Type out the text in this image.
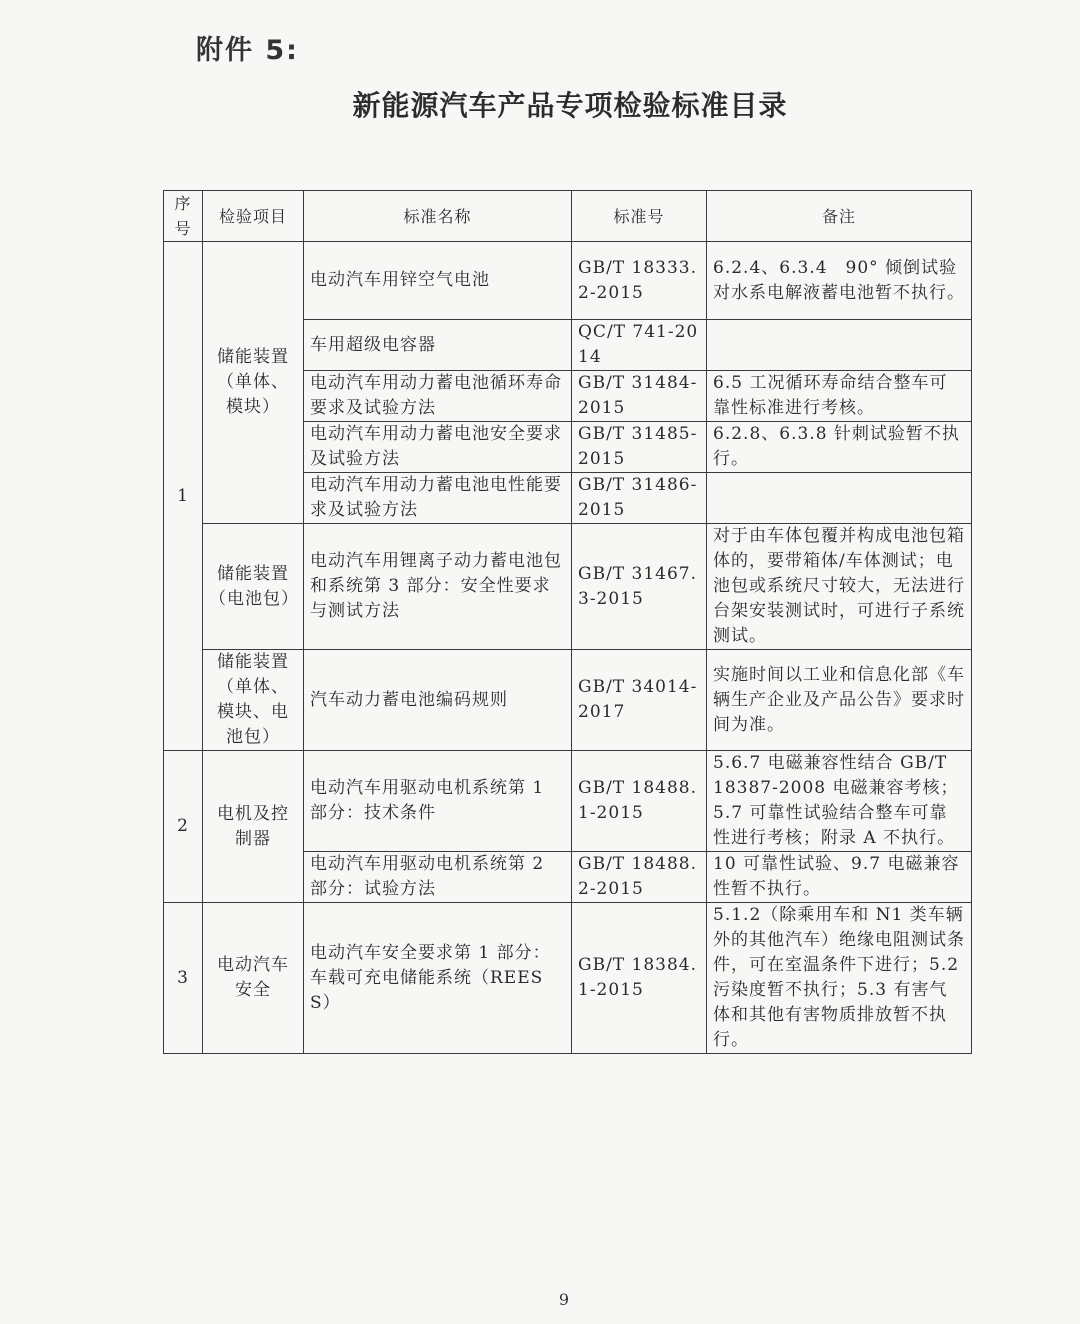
附件 5:
新能源汽车产品专项检验标准目录
序号	检验项目	标准名称	标准号	备注
1	储能装置（单体、模块）	电动汽车用锌空气电池	GB/T 18333.2-2015	6.2.4、6.3.4　90° 倾倒试验对水系电解液蓄电池暂不执行。
		车用超级电容器	QC/T 741-2014	
		电动汽车用动力蓄电池循环寿命要求及试验方法	GB/T 31484-2015	6.5 工况循环寿命结合整车可靠性标准进行考核。
		电动汽车用动力蓄电池安全要求及试验方法	GB/T 31485-2015	6.2.8、6.3.8 针刺试验暂不执行。
		电动汽车用动力蓄电池电性能要求及试验方法	GB/T 31486-2015	
	储能装置（电池包）	电动汽车用锂离子动力蓄电池包和系统第 3 部分：安全性要求与测试方法	GB/T 31467.3-2015	对于由车体包覆并构成电池包箱体的，要带箱体/车体测试；电池包或系统尺寸较大，无法进行台架安装测试时，可进行子系统测试。
	储能装置（单体、模块、电池包）	汽车动力蓄电池编码规则	GB/T 34014-2017	实施时间以工业和信息化部《车辆生产企业及产品公告》要求时间为准。
2	电机及控制器	电动汽车用驱动电机系统第 1 部分：技术条件	GB/T 18488.1-2015	5.6.7 电磁兼容性结合 GB/T 18387-2008 电磁兼容考核；5.7 可靠性试验结合整车可靠性进行考核；附录 A 不执行。
		电动汽车用驱动电机系统第 2 部分：试验方法	GB/T 18488.2-2015	10 可靠性试验、9.7 电磁兼容性暂不执行。
3	电动汽车安全	电动汽车安全要求第 1 部分：车载可充电储能系统（REESS）	GB/T 18384.1-2015	5.1.2（除乘用车和 N1 类车辆外的其他汽车）绝缘电阻测试条件，可在室温条件下进行；5.2 污染度暂不执行；5.3 有害气体和其他有害物质排放暂不执行。
9
